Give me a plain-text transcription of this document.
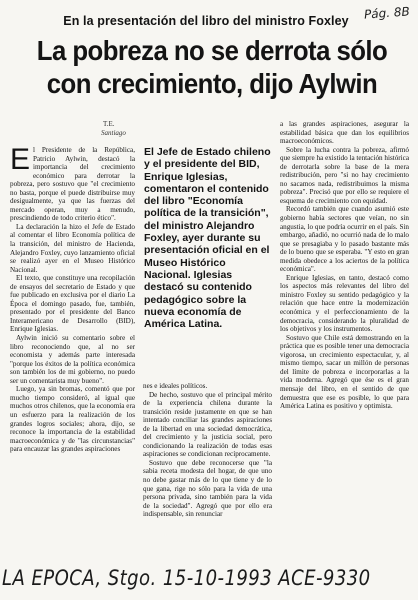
En la presentación del libro del ministro Foxley	Pág. 8B
La pobreza no se derrota sólo con crecimiento, dijo Aylwin
T.E.
Santiago

El Presidente de la República, Patricio Aylwin, destacó la importancia del crecimiento económico para derrotar la pobreza, pero sostuvo que "el crecimiento no basta, porque el puede distribuirse muy desigualmente, ya que las fuerzas del mercado operan, muy a menudo, prescindiendo de todo criterio ético".

La declaración la hizo el Jefe de Estado al comentar el libro Economía política de la transición, del ministro de Hacienda, Alejandro Foxley, cuyo lanzamiento oficial se realizó ayer en el Museo Histórico Nacional.

El texto, que constituye una recopilación de ensayos del secretario de Estado y que fue publicado en exclusiva por el diario La Época el domingo pasado, fue, también, presentado por el presidente del Banco Interamericano de Desarrollo (BID), Enrique Iglesias.

Aylwin inició su comentario sobre el libro reconociendo que, al no ser economista y además parte interesada "porque los éxitos de la política económica son también los de mi gobierno, no puedo ser un comentarista muy bueno".

Luego, ya sin bromas, comentó que por mucho tiempo consideró, al igual que muchos otros chilenos, que la economía era un esfuerzo para la realización de los grandes logros sociales; ahora, dijo, se reconoce la importancia de la estabilidad macroeconómica y de "las circunstancias" para encauzar las grandes aspiraciones

El Jefe de Estado chileno y el presidente del BID, Enrique Iglesias, comentaron el contenido del libro "Economía política de la transición", del ministro Alejandro Foxley, ayer durante su presentación oficial en el Museo Histórico Nacional. Iglesias destacó su contenido pedagógico sobre la nueva economía de América Latina.

nes e ideales políticos.

De hecho, sostuvo que el principal mérito de la experiencia chilena durante la transición reside justamente en que se han intentado conciliar las grandes aspiraciones de la libertad en una sociedad democrática, del crecimiento y la justicia social, pero condicionando la realización de todas esas aspiraciones se condicionan recíprocamente.

Sostuvo que debe reconocerse que "la sabia receta modesta del hogar, de que uno no debe gastar más de lo que tiene y de lo que gana, rige no sólo para la vida de una persona privada, sino también para la vida de la sociedad". Agregó que por ello era indispensable, sin renunciar

a las grandes aspiraciones, asegurar la estabilidad básica que dan los equilibrios macroeconómicos.

Sobre la lucha contra la pobreza, afirmó que siempre ha existido la tentación histórica de derrotarla sobre la base de la mera redistribución, pero "si no hay crecimiento no sacamos nada, redistribuimos la misma pobreza". Precisó que por ello se requiere el esquema de crecimiento con equidad.

Recordó también que cuando asumió este gobierno había sectores que veían, no sin angustia, lo que podría ocurrir en el país. Sin embargo, añadió, no ocurrió nada de lo malo que se presagiaba y lo pasado bastante más de lo bueno que se esperaba. "Y esto en gran medida obedece a los aciertos de la política económica".

Enrique Iglesias, en tanto, destacó como los aspectos más relevantes del libro del ministro Foxley su sentido pedagógico y la relación que hace entre la modernización económica y el perfeccionamiento de la democracia, considerando la pluralidad de los objetivos y los instrumentos.

Sostuvo que Chile está demostrando en la práctica que es posible tener una democracia vigorosa, un crecimiento espectacular, y, al mismo tiempo, sacar un millón de personas del límite de pobreza e incorporarlas a la vida moderna. Agregó que ése es el gran mensaje del libro, en el sentido de que demuestra que ese es posible, lo que para América Latina es positivo y optimista.

LA EPOCA, Stgo. 15-10-1993 ACE-9330
